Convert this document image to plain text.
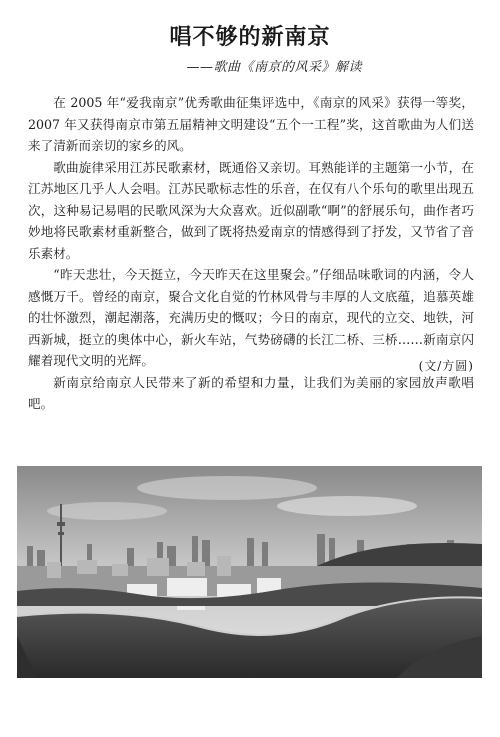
唱不够的新南京
——歌曲《南京的风采》解读

在 2005 年“爱我南京”优秀歌曲征集评选中，《南京的风采》获得一等奖，2007 年又获得南京市第五届精神文明建设“五个一工程”奖，这首歌曲为人们送来了清新而亲切的家乡的风。

歌曲旋律采用江苏民歌素材，既通俗又亲切。耳熟能详的主题第一小节，在江苏地区几乎人人会唱。江苏民歌标志性的乐音，在仅有八个乐句的歌里出现五次，这种易记易唱的民歌风深为大众喜欢。近似副歌“啊”的舒展乐句，曲作者巧妙地将民歌素材重新整合，做到了既将热爱南京的情感得到了抒发，又节省了音乐素材。

“昨天悲壮，今天挺立，今天昨天在这里聚会。”仔细品味歌词的内涵，令人感慨万千。曾经的南京，聚合文化自觉的竹林风骨与丰厚的人文底蕴，追慕英雄的壮怀激烈，潮起潮落，充满历史的慨叹；今日的南京，现代的立交、地铁，河西新城，挺立的奥体中心，新火车站，气势磅礴的长江二桥、三桥……新南京闪耀着现代文明的光辉。

新南京给南京人民带来了新的希望和力量，让我们为美丽的家园放声歌唱吧。

(文/方圆)
